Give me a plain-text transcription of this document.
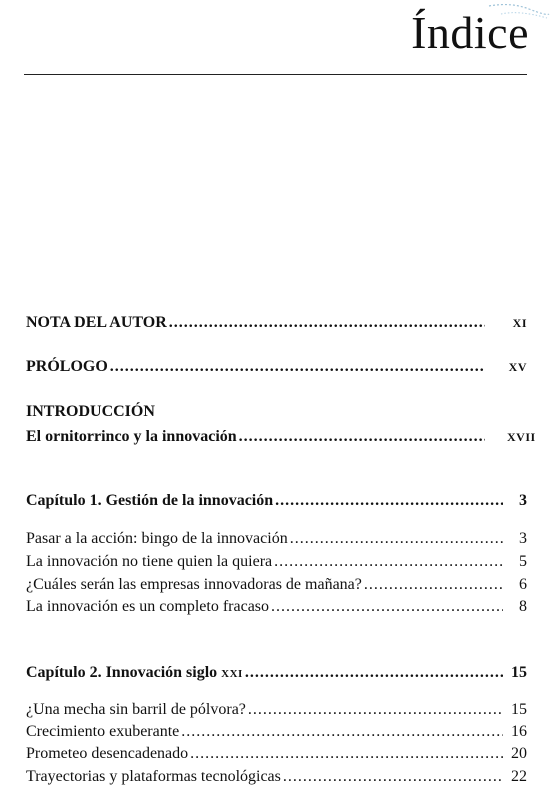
Índice
NOTA DEL AUTOR .....	XI
PRÓLOGO .....	XV
INTRODUCCIÓN
El ornitorrinco y la innovación .....	XVII
Capítulo 1. Gestión de la innovación .....	3
Pasar a la acción: bingo de la innovación .....	3
La innovación no tiene quien la quiera .....	5
¿Cuáles serán las empresas innovadoras de mañana? .....	6
La innovación es un completo fracaso .....	8
Capítulo 2. Innovación siglo XXI .....	15
¿Una mecha sin barril de pólvora? .....	15
Crecimiento exuberante .....	16
Prometeo desencadenado .....	20
Trayectorias y plataformas tecnológicas .....	22
